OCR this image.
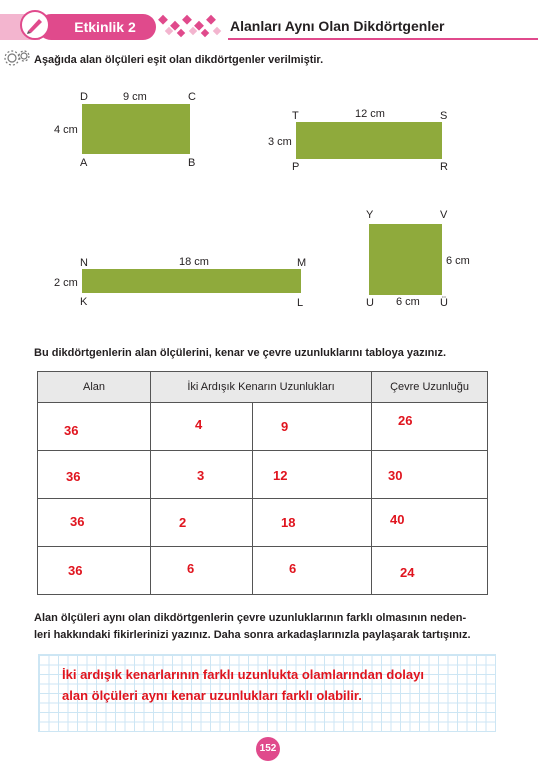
Etkinlik 2	Alanları Aynı Olan Dikdörtgenler
Aşağıda alan ölçüleri eşit olan dikdörtgenler verilmiştir.
D	C
A	B
9 cm
4 cm
T	S
P	R
12 cm
3 cm
N	M
K	L
18 cm
2 cm
Y	V
U	Ü
6 cm
6 cm
Bu dikdörtgenlerin alan ölçülerini, kenar ve çevre uzunluklarını tabloya yazınız.
Alan	İki Ardışık Kenarın Uzunlukları		Çevre Uzunluğu

36	4	9	26

36	3	12	30

36	2	18	40

36	6	6	24
Alan ölçüleri aynı olan dikdörtgenlerin çevre uzunluklarının farklı olmasının neden-
leri hakkındaki fikirlerinizi yazınız. Daha sonra arkadaşlarınızla paylaşarak tartışınız.
İki ardışık kenarlarının farklı uzunlukta olamlarından dolayı
alan ölçüleri aynı kenar uzunlukları farklı olabilir.
152
